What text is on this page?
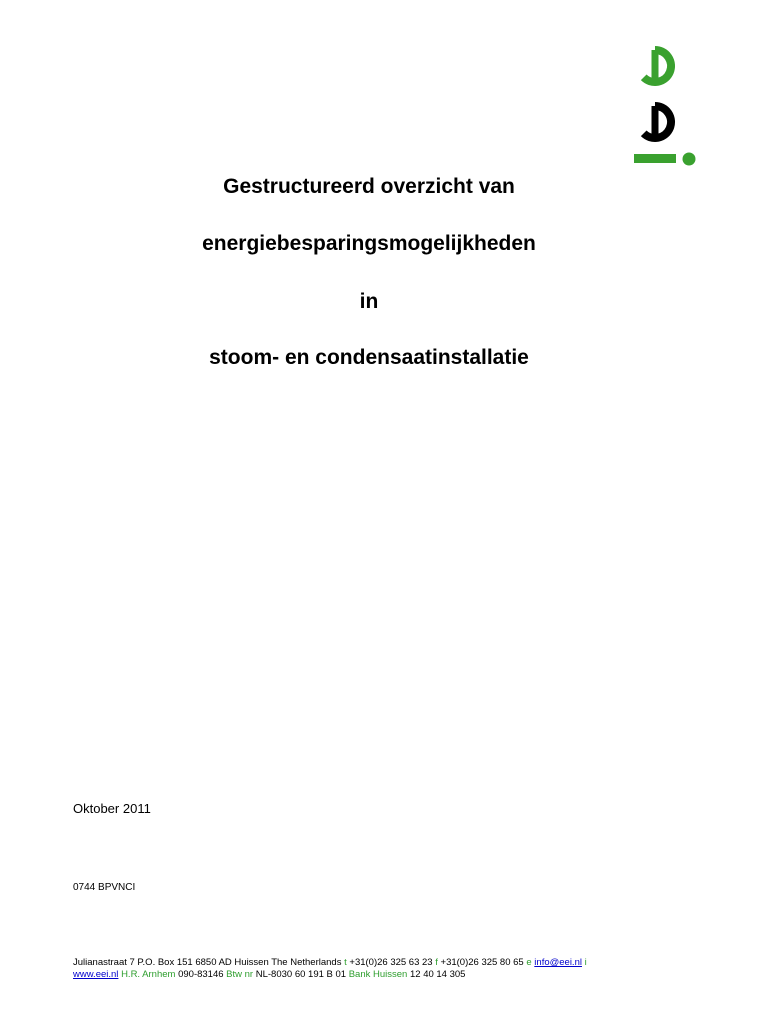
Gestructureerd overzicht van
energiebesparingsmogelijkheden
in
stoom- en condensaatinstallatie
Oktober 2011
0744 BPVNCI
Julianastraat 7 P.O. Box 151 6850 AD Huissen The Netherlands t +31(0)26 325 63 23 f +31(0)26 325 80 65 e info@eei.nl i
www.eei.nl H.R. Arnhem 090-83146 Btw nr NL-8030 60 191 B 01 Bank Huissen 12 40 14 305
